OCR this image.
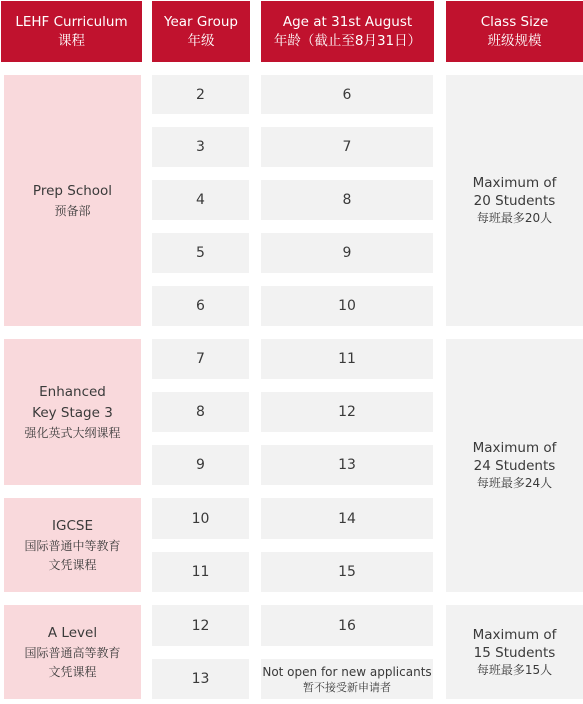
LEHF Curriculum
课程
Year Group
年级
Age at 31st August
年龄（截止至8月31日）
Class Size
班级规模
Prep School
预备部
Enhanced
Key Stage 3
强化英式大纲课程
IGCSE
国际普通中等教育
文凭课程
A Level
国际普通高等教育
文凭课程
2
3
4
5
6
7
8
9
10
11
12
13
6
7
8
9
10
11
12
13
14
15
16
Not open for new applicants
暂不接受新申请者
Maximum of
20 Students
每班最多20人
Maximum of
24 Students
每班最多24人
Maximum of
15 Students
每班最多15人
